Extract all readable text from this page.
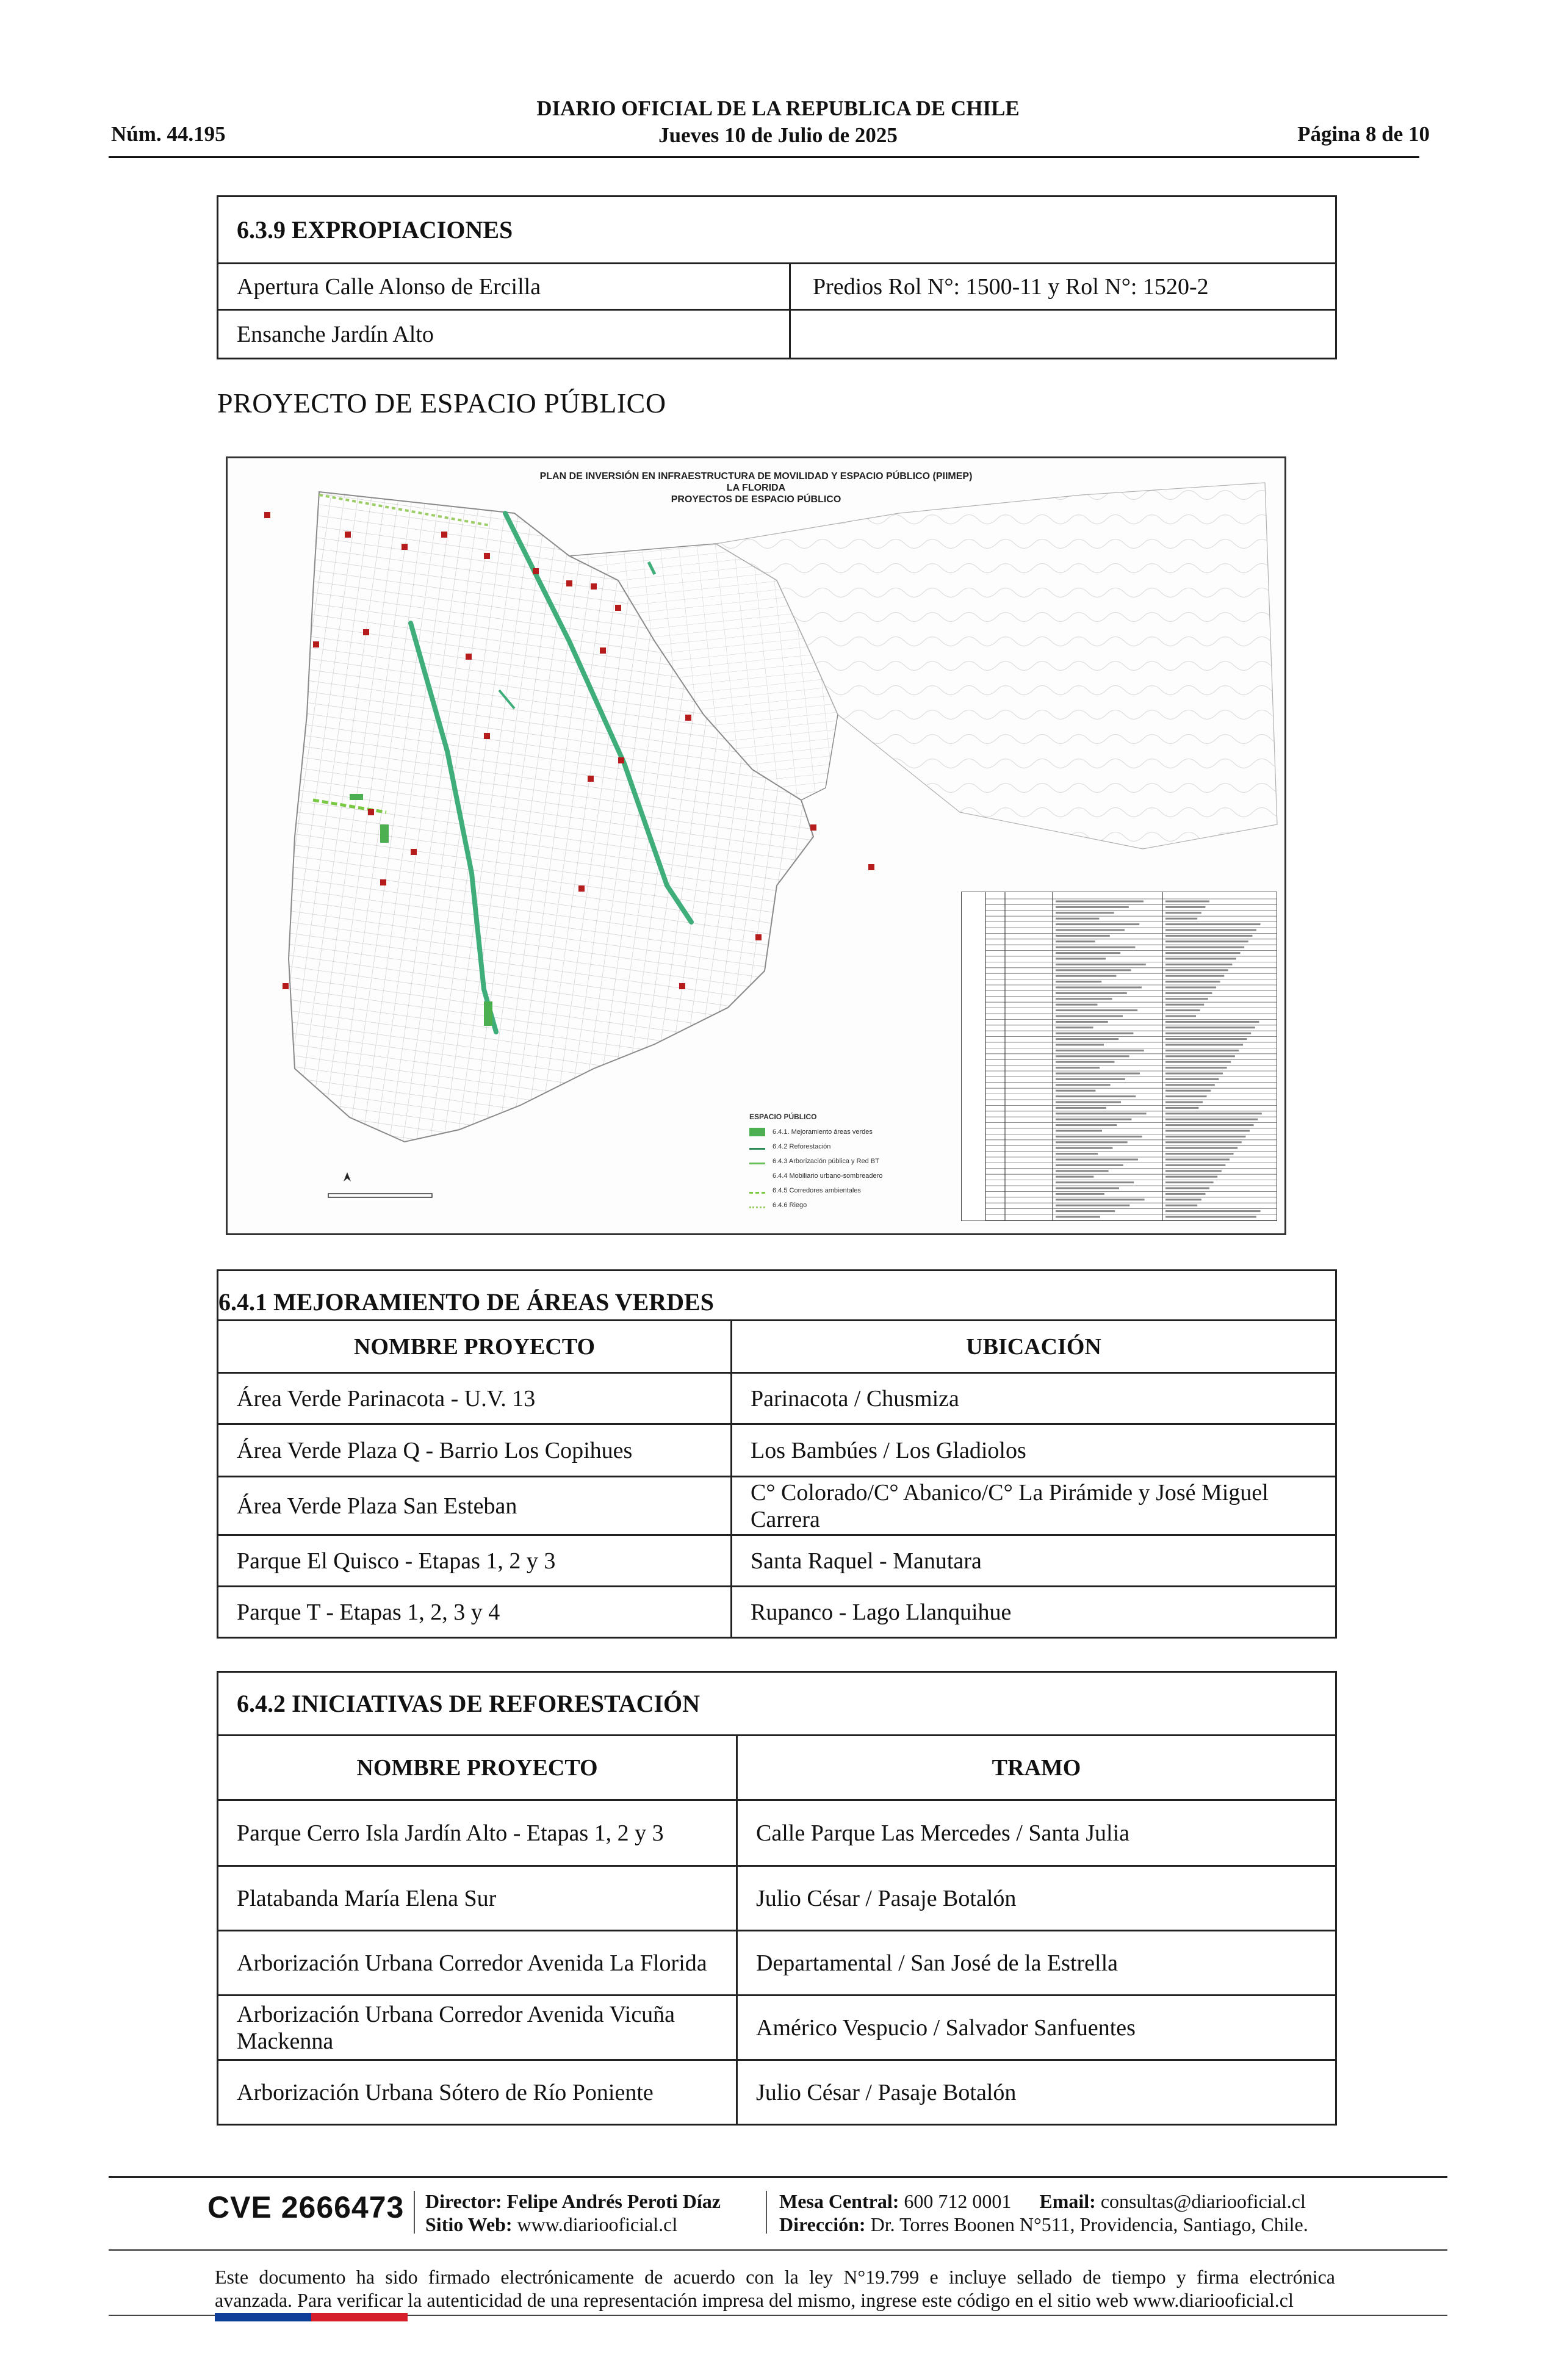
DIARIO OFICIAL DE LA REPUBLICA DE CHILE
Jueves 10 de Julio de 2025
Núm. 44.195	Página 8 de 10
6.3.9 EXPROPIACIONES	
Apertura Calle Alonso de Ercilla	Predios Rol N°: 1500-11 y Rol N°: 1520-2
Ensanche Jardín Alto	
PROYECTO DE ESPACIO PÚBLICO
PLAN DE INVERSIÓN EN INFRAESTRUCTURA DE MOVILIDAD Y ESPACIO PÚBLICO (PIIMEP)
LA FLORIDA
PROYECTOS DE ESPACIO PÚBLICO
ESPACIO PÚBLICO
6.4.1. Mejoramiento áreas verdes
6.4.2 Reforestación
6.4.3 Arborización pública y Red BT
6.4.4 Mobiliario urbano-sombreadero
6.4.5 Corredores ambientales
6.4.6 Riego
6.4.1 MEJORAMIENTO DE ÁREAS VERDES	
NOMBRE PROYECTO	UBICACIÓN
Área Verde Parinacota - U.V. 13	Parinacota / Chusmiza
Área Verde Plaza Q - Barrio Los Copihues	Los Bambúes / Los Gladiolos
Área Verde Plaza San Esteban	C° Colorado/C° Abanico/C° La Pirámide y José Miguel Carrera
Parque El Quisco - Etapas 1, 2 y 3	Santa Raquel - Manutara
Parque T - Etapas 1, 2, 3 y 4	Rupanco - Lago Llanquihue
6.4.2 INICIATIVAS DE REFORESTACIÓN	
NOMBRE PROYECTO	TRAMO
Parque Cerro Isla Jardín Alto - Etapas 1, 2 y 3	Calle Parque Las Mercedes / Santa Julia
Platabanda María Elena Sur	Julio César / Pasaje Botalón
Arborización Urbana Corredor Avenida La Florida	Departamental / San José de la Estrella
Arborización Urbana Corredor Avenida Vicuña Mackenna	Américo Vespucio / Salvador Sanfuentes
Arborización Urbana Sótero de Río Poniente	Julio César / Pasaje Botalón
CVE 2666473 Director: Felipe Andrés Peroti Díaz
Sitio Web: www.diariooficial.cl
Mesa Central: 600 712 0001 Email: consultas@diariooficial.cl
Dirección: Dr. Torres Boonen N°511, Providencia, Santiago, Chile.
Este documento ha sido firmado electrónicamente de acuerdo con la ley N°19.799 e incluye sellado de tiempo y firma electrónica
avanzada. Para verificar la autenticidad de una representación impresa del mismo, ingrese este código en el sitio web www.diariooficial.cl
